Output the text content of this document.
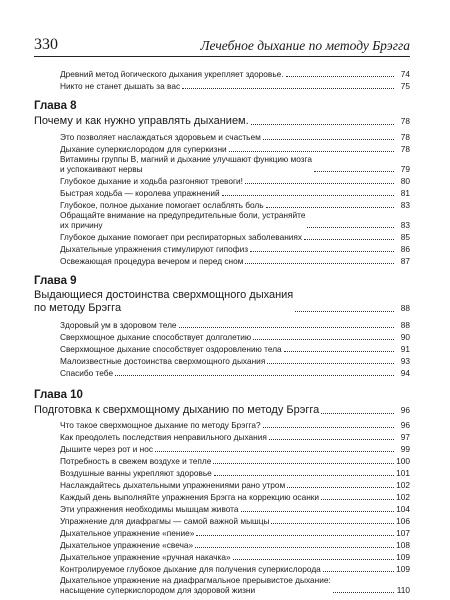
330	Лечебное дыхание по методу Брэгга
Древний метод йогического дыхания укрепляет здоровье.	74
Никто не станет дышать за вас	75
Глава 8
Почему и как нужно управлять дыханием.	78
Это позволяет наслаждаться здоровьем и счастьем	78
Дыхание суперкислородом для суперкизни	78
Витамины группы B, магний и дыхание улучшают функцию мозга
и успокаивают нервы	79
Глубокое дыхание и ходьба разгоняют тревоги!	80
Быстрая ходьба — королева упражнений	81
Глубокое, полное дыхание помогает ослаблять боль	83
Обращайте внимание на предупредительные боли, устраняйте
их причину	83
Глубокое дыхание помогает при респираторных заболеваниях	85
Дыхательные упражнения стимулируют гипофиз	86
Освежающая процедура вечером и перед сном	87
Глава 9
Выдающиеся достоинства сверхмощного дыхания
по методу Брэгга	88
Здоровый ум в здоровом теле	88
Сверхмощное дыхание способствует долголетию	90
Сверхмощное дыхание способствует оздоровлению тела	91
Малоизвестные достоинства сверхмощного дыхания	93
Спасибо тебе	94
Глава 10
Подготовка к сверхмощному дыханию по методу Брэгга	96
Что такое сверхмощное дыхание по методу Брэгга?	96
Как преодолеть последствия неправильного дыхания	97
Дышите через рот и нос	99
Потребность в свежем воздухе и тепле	100
Воздушные ванны укрепляют здоровье	101
Наслаждайтесь дыхательными упражнениями рано утром	102
Каждый день выполняйте упражнения Брэгга на коррекцию осанки	102
Эти упражнения необходимы мышцам живота	104
Упражнение для диафрагмы — самой важной мышцы	106
Дыхательное упражнение «пение»	107
Дыхательное упражнение «свеча»	108
Дыхательное упражнение «ручная накачка»	109
Контролируемое глубокое дыхание для получения суперкислорода	109
Дыхательное упражнение на диафрагмальное прерывистое дыхание:
насыщение суперкислородом для здоровой жизни	110
